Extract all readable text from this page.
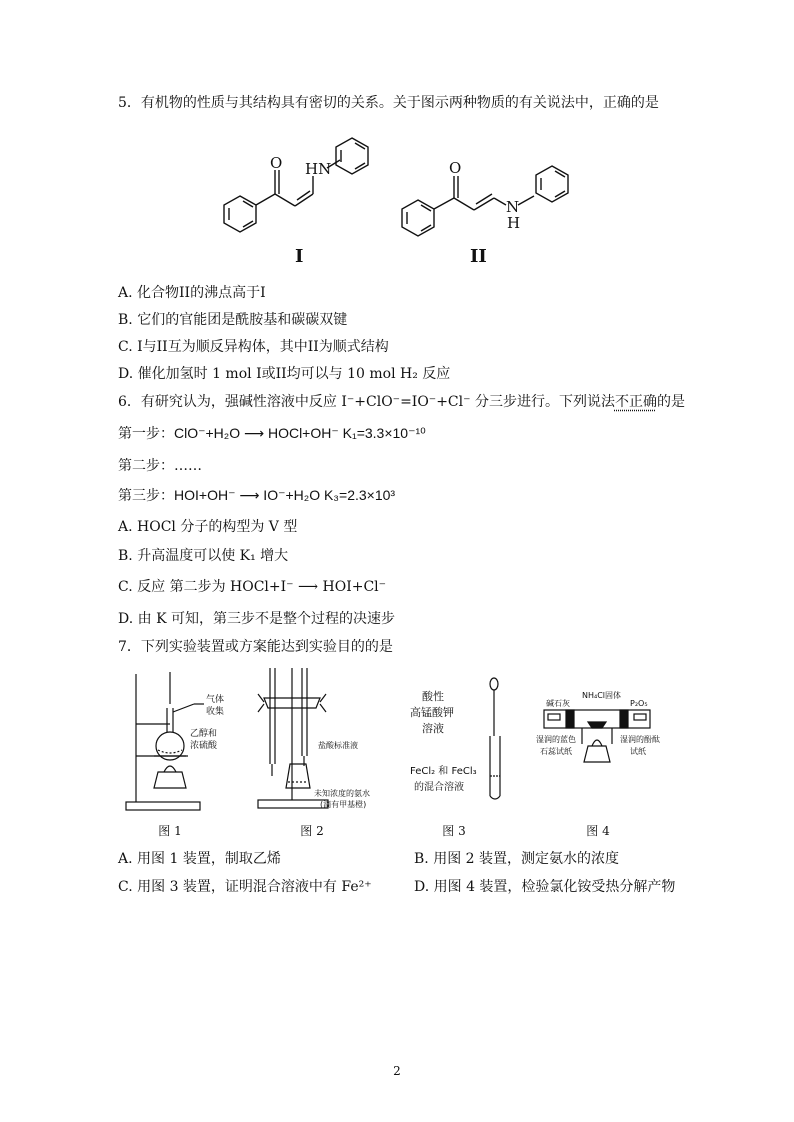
5．有机物的性质与其结构具有密切的关系。关于图示两种物质的有关说法中，正确的是
O HN	O
N
H
I	II
A. 化合物II的沸点高于I
B. 它们的官能团是酰胺基和碳碳双键
C. I与II互为顺反异构体，其中II为顺式结构
D. 催化加氢时 1 mol I或II均可以与 10 mol H₂ 反应
6．有研究认为，强碱性溶液中反应 I⁻+ClO⁻=IO⁻+Cl⁻ 分三步进行。下列说法不正确的是
第一步：ClO⁻+H₂O ⟶ HOCl+OH⁻ K₁=3.3×10⁻¹⁰
第二步：……
第三步：HOI+OH⁻ ⟶ IO⁻+H₂O K₃=2.3×10³
A. HOCl 分子的构型为 V 型
B. 升高温度可以使 K₁ 增大
C. 反应 第二步为 HOCl+I⁻ ⟶ HOI+Cl⁻
D. 由 K 可知，第三步不是整个过程的决速步
7．下列实验装置或方案能达到实验目的的是
气体
收集
乙醇和
浓硫酸
图 1
盐酸标准液
未知浓度的氨水
(滴有甲基橙)
图 2
酸性
高锰酸钾
溶液
FeCl₂ 和 FeCl₃
的混合溶液
图 3
碱石灰
NH₄Cl固体
P₂O₅
湿润的蓝色
石蕊试纸
湿润的酚酞
试纸
图 4
A. 用图 1 装置，制取乙烯	B. 用图 2 装置，测定氨水的浓度
C. 用图 3 装置，证明混合溶液中有 Fe²⁺	D. 用图 4 装置，检验氯化铵受热分解产物
2
